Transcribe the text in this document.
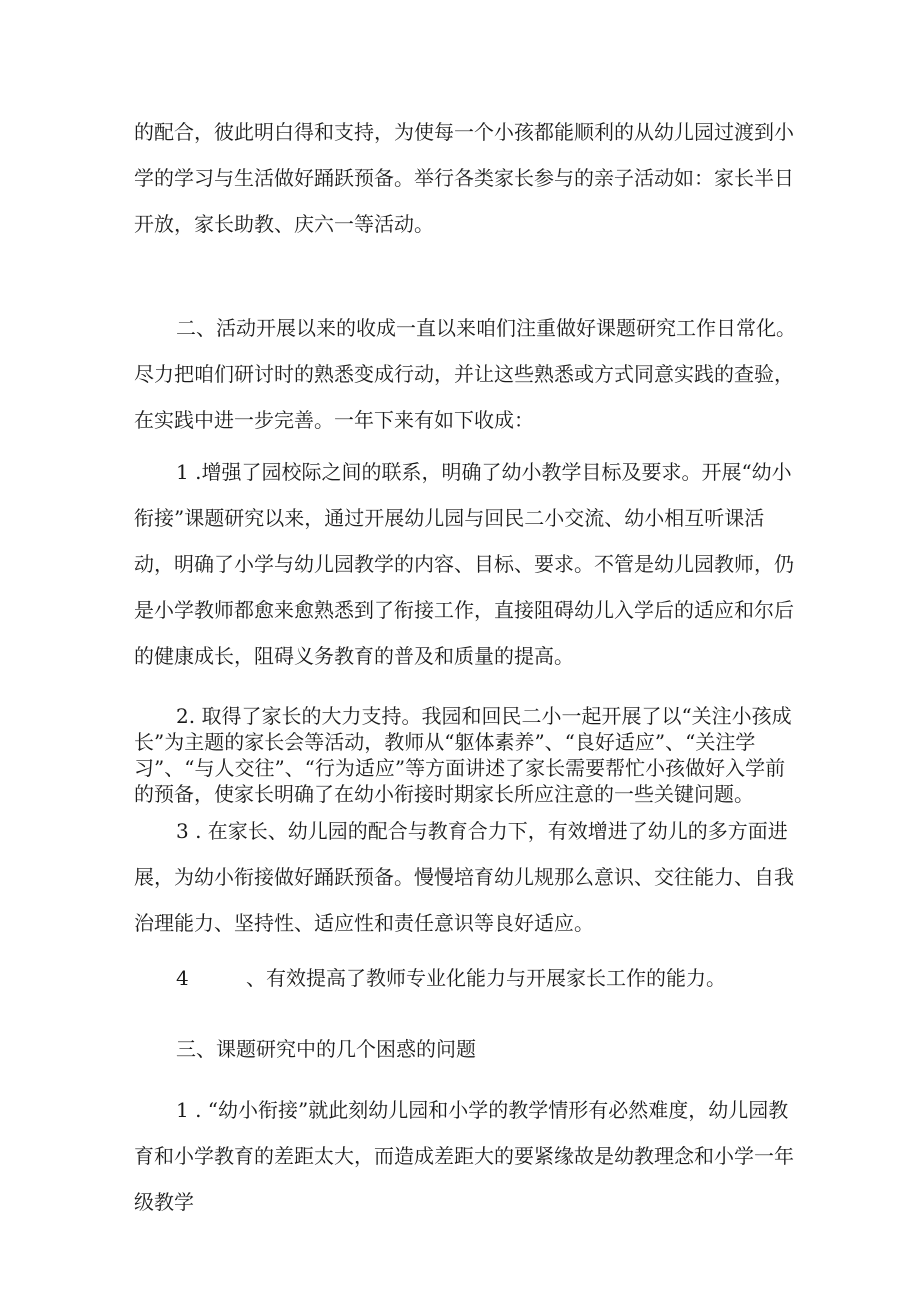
的配合，彼此明白得和支持，为使每一个小孩都能顺利的从幼儿园过渡到小学的学习与生活做好踊跃预备。举行各类家长参与的亲子活动如：家长半日开放，家长助教、庆六一等活动。

二、活动开展以来的收成一直以来咱们注重做好课题研究工作日常化。尽力把咱们研讨时的熟悉变成行动，并让这些熟悉或方式同意实践的查验，在实践中进一步完善。一年下来有如下收成：

1 .增强了园校际之间的联系，明确了幼小教学目标及要求。开展“幼小衔接”课题研究以来，通过开展幼儿园与回民二小交流、幼小相互听课活动，明确了小学与幼儿园教学的内容、目标、要求。不管是幼儿园教师，仍是小学教师都愈来愈熟悉到了衔接工作，直接阻碍幼儿入学后的适应和尔后的健康成长，阻碍义务教育的普及和质量的提高。

2. 取得了家长的大力支持。我园和回民二小一起开展了以“关注小孩成长”为主题的家长会等活动，教师从“躯体素养”、“良好适应”、“关注学习”、“与人交往”、“行为适应”等方面讲述了家长需要帮忙小孩做好入学前的预备，使家长明确了在幼小衔接时期家长所应注意的一些关键问题。

3 . 在家长、幼儿园的配合与教育合力下，有效增进了幼儿的多方面进展，为幼小衔接做好踊跃预备。慢慢培育幼儿规那么意识、交往能力、自我治理能力、坚持性、适应性和责任意识等良好适应。

4	、有效提高了教师专业化能力与开展家长工作的能力。

三、课题研究中的几个困惑的问题

1 . “幼小衔接”就此刻幼儿园和小学的教学情形有必然难度，幼儿园教育和小学教育的差距太大，而造成差距大的要紧缘故是幼教理念和小学一年级教学
